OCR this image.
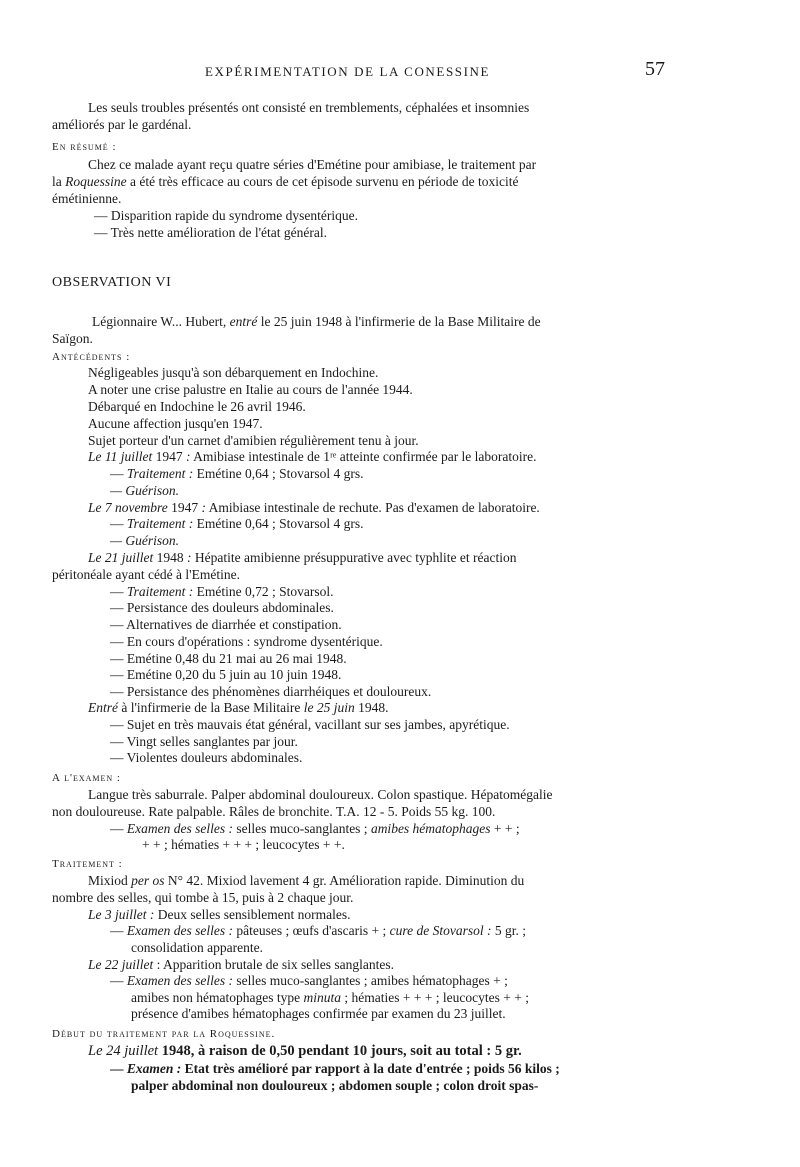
EXPÉRIMENTATION DE LA CONESSINE	57
Les seuls troubles présentés ont consisté en tremblements, céphalées et insomnies
améliorés par le gardénal.
En résumé :
Chez ce malade ayant reçu quatre séries d'Emétine pour amibiase, le traitement par
la Roquessine a été très efficace au cours de cet épisode survenu en période de toxicité
émétinienne.
— Disparition rapide du syndrome dysentérique.
— Très nette amélioration de l'état général.
OBSERVATION VI
Légionnaire W... Hubert, entré le 25 juin 1948 à l'infirmerie de la Base Militaire de
Saïgon.
Antécédents :
Négligeables jusqu'à son débarquement en Indochine.
A noter une crise palustre en Italie au cours de l'année 1944.
Débarqué en Indochine le 26 avril 1946.
Aucune affection jusqu'en 1947.
Sujet porteur d'un carnet d'amibien régulièrement tenu à jour.
Le 11 juillet 1947 : Amibiase intestinale de 1ʳᵉ atteinte confirmée par le laboratoire.
— Traitement : Emétine 0,64 ; Stovarsol 4 grs.
— Guérison.
Le 7 novembre 1947 : Amibiase intestinale de rechute. Pas d'examen de laboratoire.
— Traitement : Emétine 0,64 ; Stovarsol 4 grs.
— Guérison.
Le 21 juillet 1948 : Hépatite amibienne présuppurative avec typhlite et réaction
péritonéale ayant cédé à l'Emétine.
— Traitement : Emétine 0,72 ; Stovarsol.
— Persistance des douleurs abdominales.
— Alternatives de diarrhée et constipation.
— En cours d'opérations : syndrome dysentérique.
— Emétine 0,48 du 21 mai au 26 mai 1948.
— Emétine 0,20 du 5 juin au 10 juin 1948.
— Persistance des phénomènes diarrhéiques et douloureux.
Entré à l'infirmerie de la Base Militaire le 25 juin 1948.
— Sujet en très mauvais état général, vacillant sur ses jambes, apyrétique.
— Vingt selles sanglantes par jour.
— Violentes douleurs abdominales.
A l'examen :
Langue très saburrale. Palper abdominal douloureux. Colon spastique. Hépatomégalie
non douloureuse. Rate palpable. Râles de bronchite. T.A. 12 - 5. Poids 55 kg. 100.
— Examen des selles : selles muco-sanglantes ; amibes hématophages + + ;
+ + ; hématies + + + ; leucocytes + +.
Traitement :
Mixiod per os N° 42. Mixiod lavement 4 gr. Amélioration rapide. Diminution du
nombre des selles, qui tombe à 15, puis à 2 chaque jour.
Le 3 juillet : Deux selles sensiblement normales.
— Examen des selles : pâteuses ; œufs d'ascaris + ; cure de Stovarsol : 5 gr. ;
consolidation apparente.
Le 22 juillet : Apparition brutale de six selles sanglantes.
— Examen des selles : selles muco-sanglantes ; amibes hématophages + ;
amibes non hématophages type minuta ; hématies + + + ; leucocytes + + ;
présence d'amibes hématophages confirmée par examen du 23 juillet.
Début du traitement par la Roquessine.
Le 24 juillet 1948, à raison de 0,50 pendant 10 jours, soit au total : 5 gr.
— Examen : Etat très amélioré par rapport à la date d'entrée ; poids 56 kilos ;
palper abdominal non douloureux ; abdomen souple ; colon droit spas-
